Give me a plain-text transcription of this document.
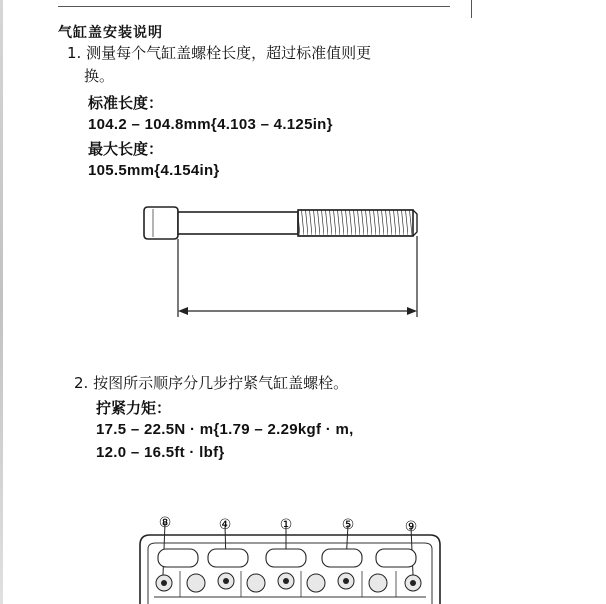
气缸盖安装说明
1. 测量每个气缸盖螺栓长度，超过标准值则更
换。
标准长度：
104.2 – 104.8mm{4.103 – 4.125in}
最大长度：
105.5mm{4.154in}
2. 按图所示顺序分几步拧紧气缸盖螺栓。
拧紧力矩：
17.5 – 22.5N · m{1.79 – 2.29kgf · m,
12.0 – 16.5ft · lbf}
⑧	④	①	⑤	⑨
